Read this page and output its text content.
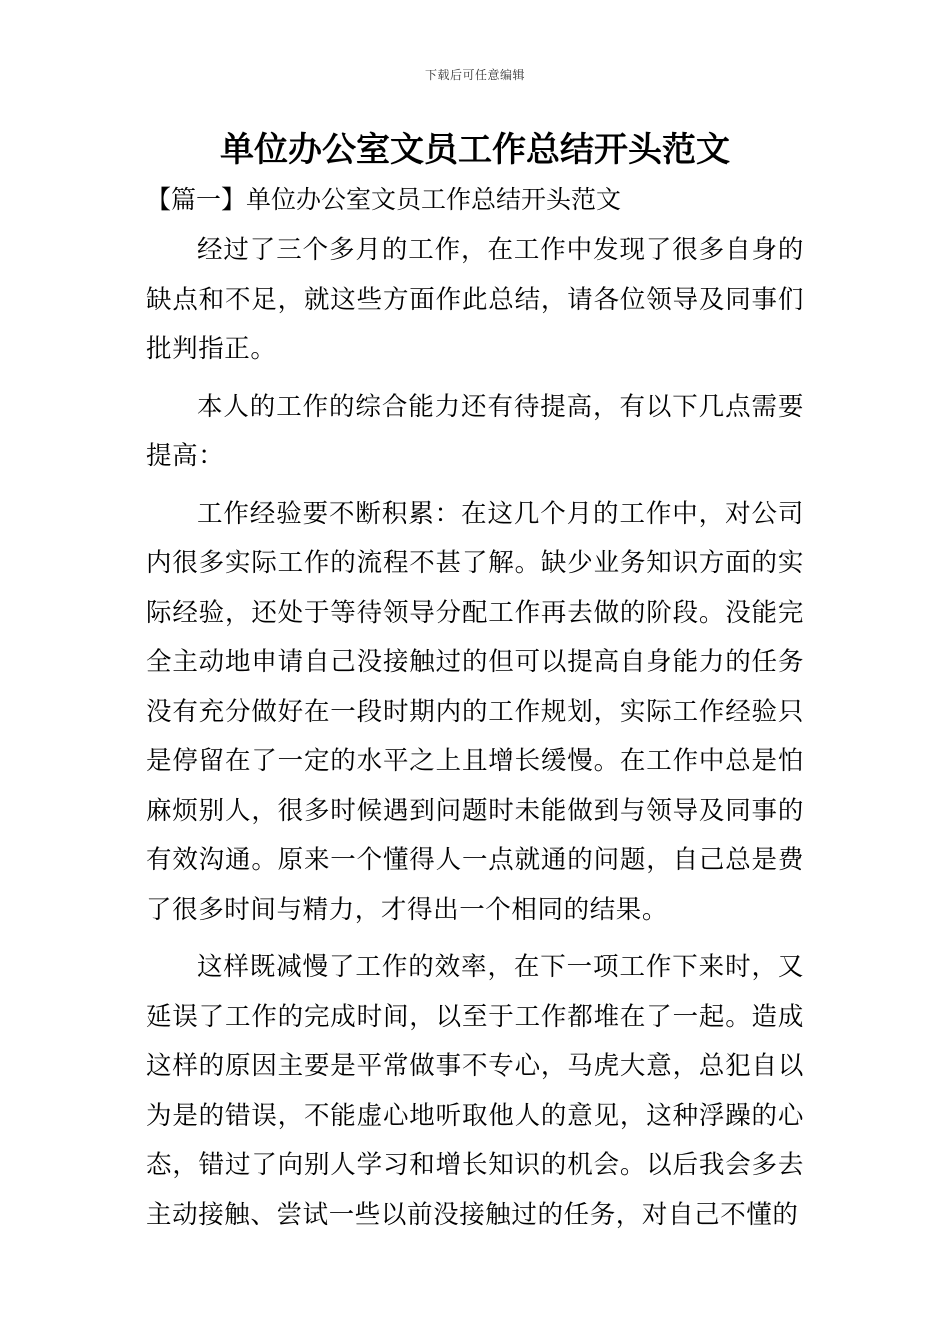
下载后可任意编辑
单位办公室文员工作总结开头范文
【篇一】单位办公室文员工作总结开头范文

经过了三个多月的工作，在工作中发现了很多自身的缺点和不足，就这些方面作此总结，请各位领导及同事们批判指正。

本人的工作的综合能力还有待提高，有以下几点需要提高：

工作经验要不断积累：在这几个月的工作中，对公司内很多实际工作的流程不甚了解。缺少业务知识方面的实际经验，还处于等待领导分配工作再去做的阶段。没能完全主动地申请自己没接触过的但可以提高自身能力的任务没有充分做好在一段时期内的工作规划，实际工作经验只是停留在了一定的水平之上且增长缓慢。在工作中总是怕麻烦别人，很多时候遇到问题时未能做到与领导及同事的有效沟通。原来一个懂得人一点就通的问题，自己总是费了很多时间与精力，才得出一个相同的结果。

这样既减慢了工作的效率，在下一项工作下来时，又延误了工作的完成时间，以至于工作都堆在了一起。造成这样的原因主要是平常做事不专心，马虎大意，总犯自以为是的错误，不能虚心地听取他人的意见，这种浮躁的心态，错过了向别人学习和增长知识的机会。以后我会多去主动接触、尝试一些以前没接触过的任务，对自己不懂的
